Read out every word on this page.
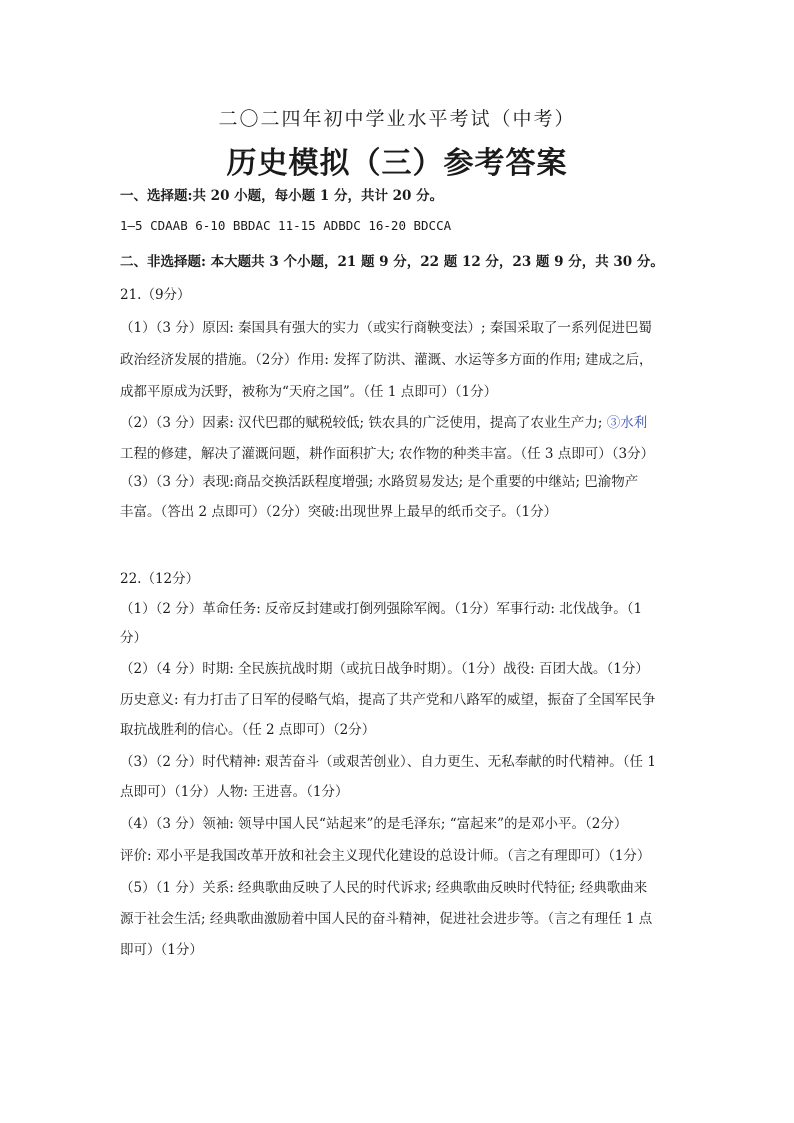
二〇二四年初中学业水平考试（中考）
历史模拟（三）参考答案
一、选择题:共 20 小题，每小题 1 分，共计 20 分。
1—5 CDAAB 6-10 BBDAC 11-15 ADBDC 16-20 BDCCA
二、非选择题: 本大题共 3 个小题，21 题 9 分，22 题 12 分，23 题 9 分，共 30 分。
21.（9分）
（1）（3 分）原因: 秦国具有强大的实力（或实行商鞅变法）; 秦国采取了一系列促进巴蜀
政治经济发展的措施。（2分）作用: 发挥了防洪、灌溉、水运等多方面的作用; 建成之后，
成都平原成为沃野，被称为“天府之国”。（任 1 点即可）（1分）
（2）（3 分）因素: 汉代巴郡的赋税较低; 铁农具的广泛使用，提高了农业生产力; ③水利
工程的修建，解决了灌溉问题，耕作面积扩大; 农作物的种类丰富。（任 3 点即可）（3分）
（3）（3 分）表现:商品交换活跃程度增强; 水路贸易发达; 是个重要的中继站; 巴渝物产
丰富。（答出 2 点即可）（2分）突破:出现世界上最早的纸币交子。（1分）
22.（12分）
（1）（2 分）革命任务: 反帝反封建或打倒列强除军阀。（1分）军事行动: 北伐战争。（1
分）
（2）（4 分）时期: 全民族抗战时期（或抗日战争时期）。（1分）战役: 百团大战。（1分）
历史意义: 有力打击了日军的侵略气焰，提高了共产党和八路军的威望，振奋了全国军民争
取抗战胜利的信心。（任 2 点即可）（2分）
（3）（2 分）时代精神: 艰苦奋斗（或艰苦创业）、自力更生、无私奉献的时代精神。（任 1
点即可）（1分）人物: 王进喜。（1分）
（4）（3 分）领袖: 领导中国人民“站起来”的是毛泽东; “富起来”的是邓小平。（2分）
评价: 邓小平是我国改革开放和社会主义现代化建设的总设计师。（言之有理即可）（1分）
（5）（1 分）关系: 经典歌曲反映了人民的时代诉求; 经典歌曲反映时代特征; 经典歌曲来
源于社会生活; 经典歌曲激励着中国人民的奋斗精神，促进社会进步等。（言之有理任 1 点
即可）（1分）
